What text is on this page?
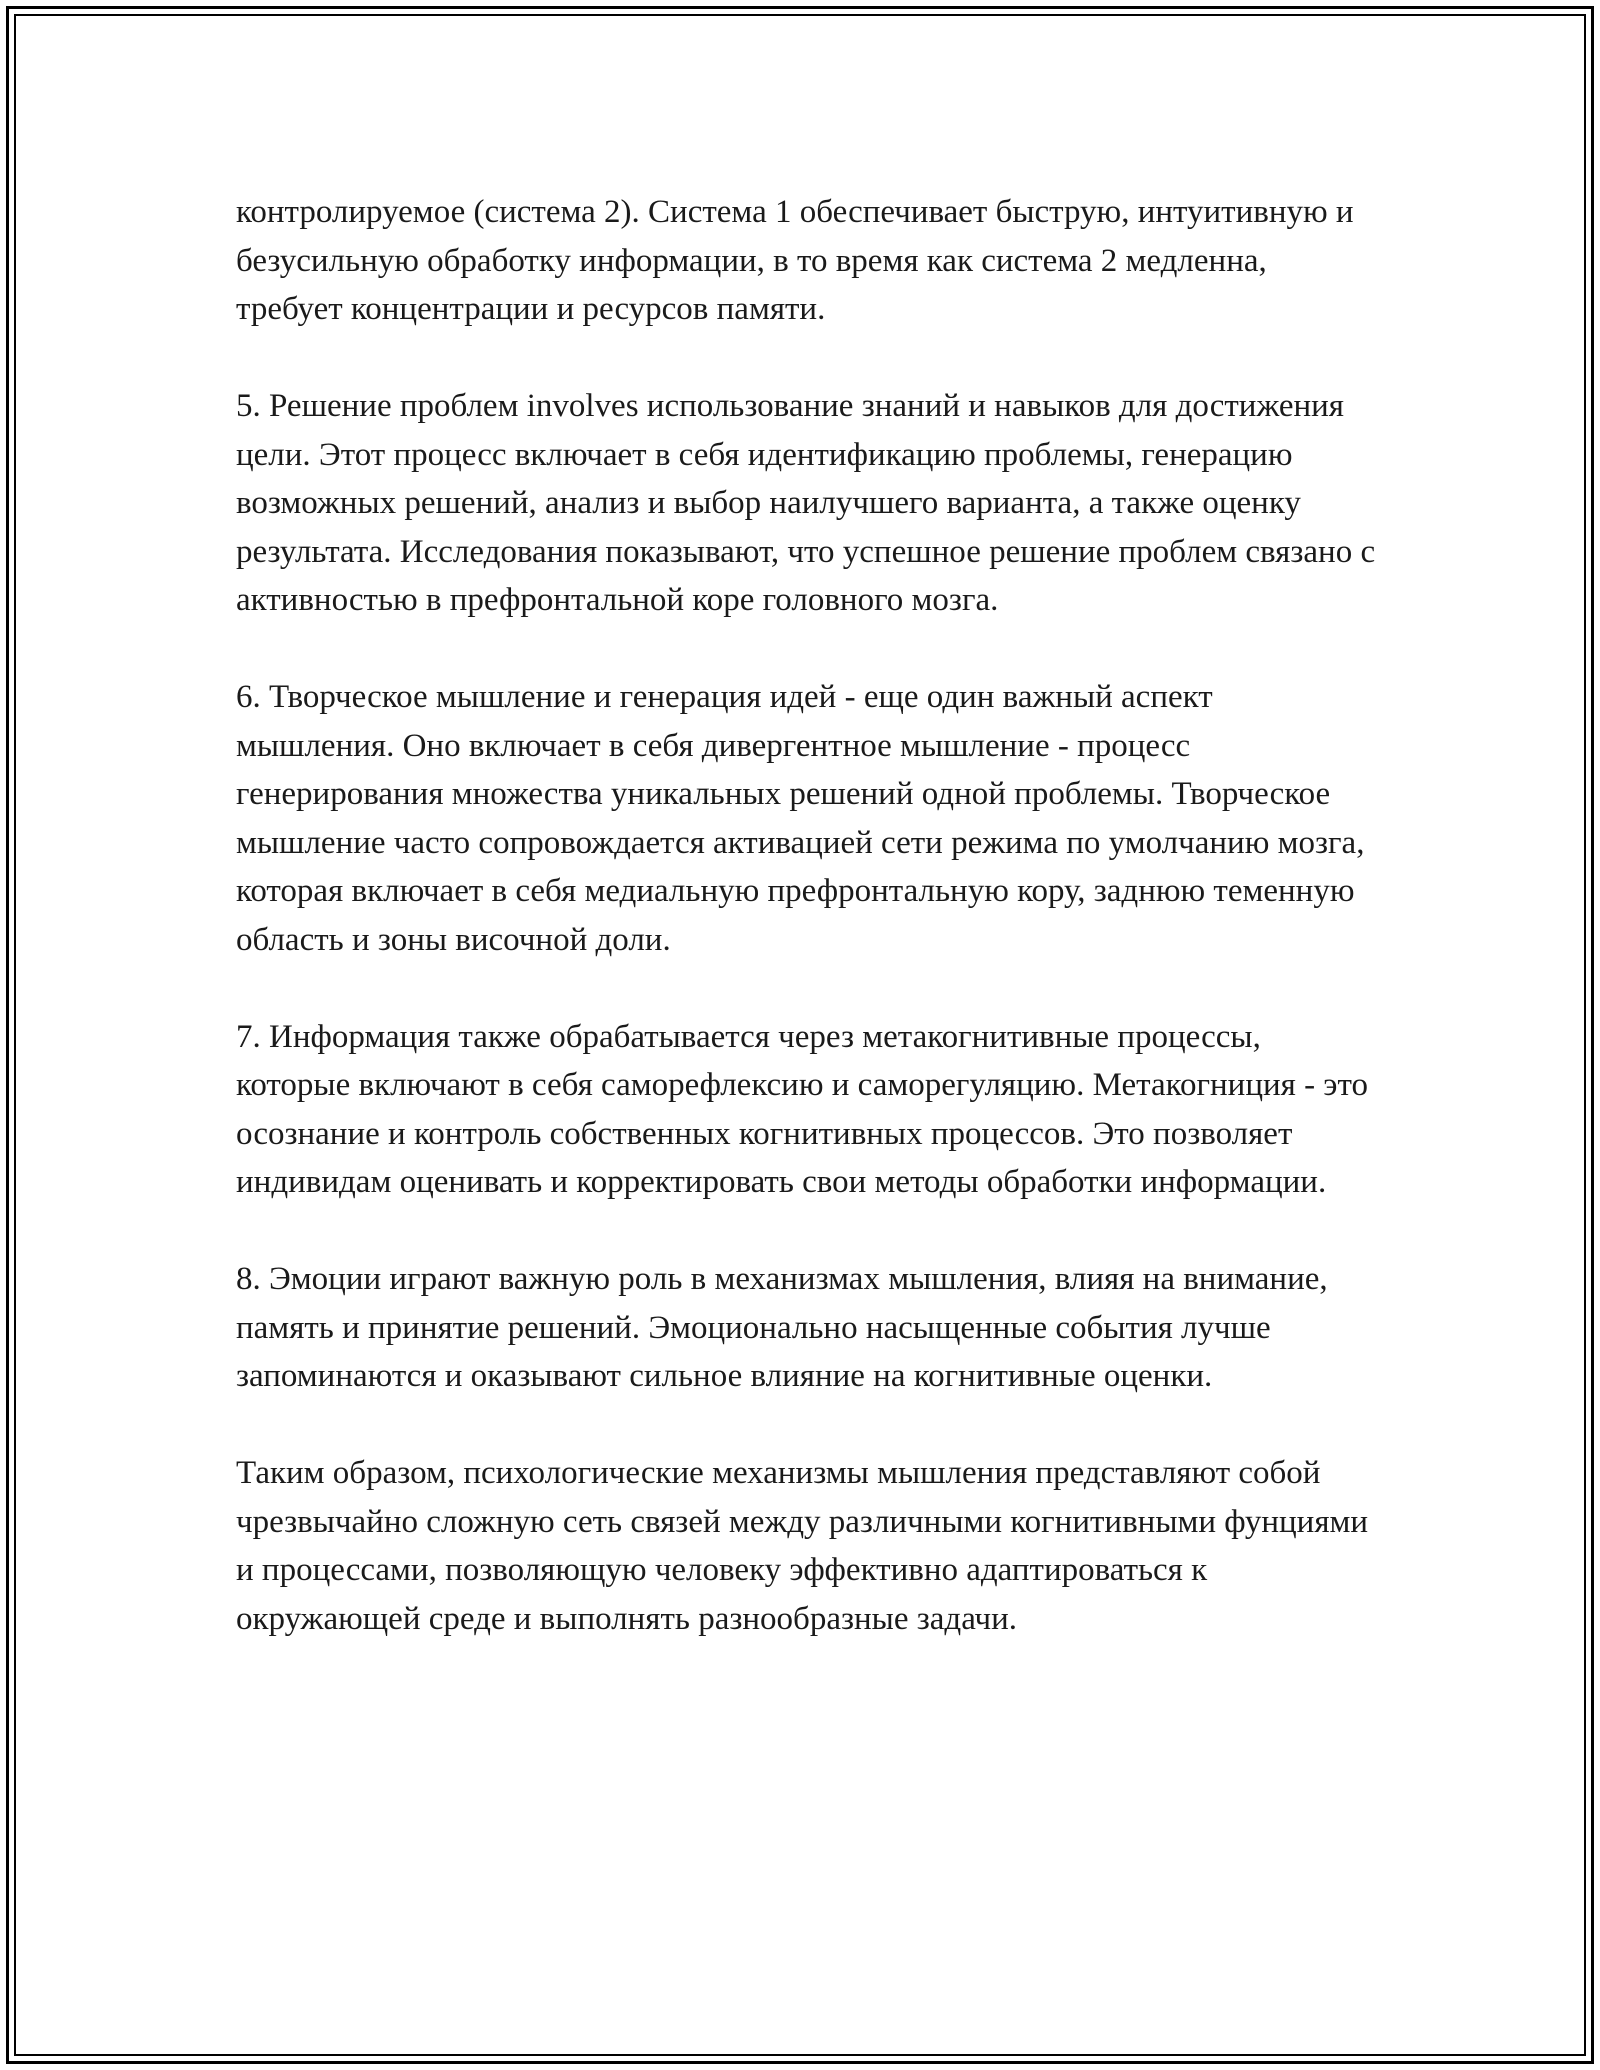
контролируемое (система 2). Система 1 обеспечивает быструю, интуитивную и безусильную обработку информации, в то время как система 2 медленна, требует концентрации и ресурсов памяти.

5. Решение проблем involves использование знаний и навыков для достижения цели. Этот процесс включает в себя идентификацию проблемы, генерацию возможных решений, анализ и выбор наилучшего варианта, а также оценку результата. Исследования показывают, что успешное решение проблем связано с активностью в префронтальной коре головного мозга.

6. Творческое мышление и генерация идей - еще один важный аспект мышления. Оно включает в себя дивергентное мышление - процесс генерирования множества уникальных решений одной проблемы. Творческое мышление часто сопровождается активацией сети режима по умолчанию мозга, которая включает в себя медиальную префронтальную кору, заднюю теменную область и зоны височной доли.

7. Информация также обрабатывается через метакогнитивные процессы, которые включают в себя саморефлексию и саморегуляцию. Метакогниция - это осознание и контроль собственных когнитивных процессов. Это позволяет индивидам оценивать и корректировать свои методы обработки информации.

8. Эмоции играют важную роль в механизмах мышления, влияя на внимание, память и принятие решений. Эмоционально насыщенные события лучше запоминаются и оказывают сильное влияние на когнитивные оценки.

Таким образом, психологические механизмы мышления представляют собой чрезвычайно сложную сеть связей между различными когнитивными фунциями и процессами, позволяющую человеку эффективно адаптироваться к окружающей среде и выполнять разнообразные задачи.
